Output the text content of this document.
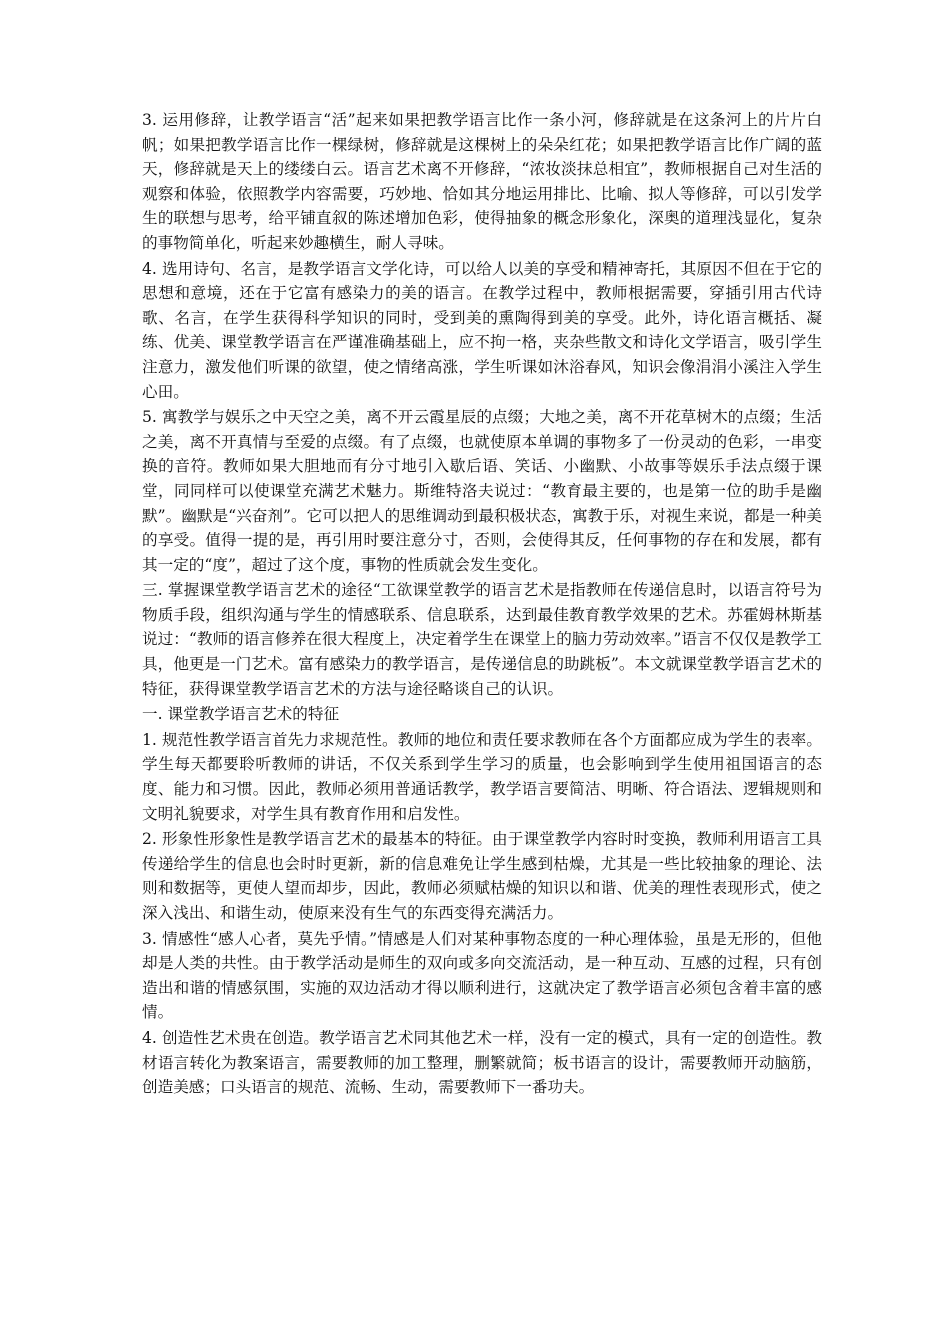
3. 运用修辞，让教学语言“活”起来如果把教学语言比作一条小河，修辞就是在这条河上的片片白帆；如果把教学语言比作一棵绿树，修辞就是这棵树上的朵朵红花；如果把教学语言比作广阔的蓝天，修辞就是天上的缕缕白云。语言艺术离不开修辞，“浓妆淡抹总相宜”，教师根据自己对生活的观察和体验，依照教学内容需要，巧妙地、恰如其分地运用排比、比喻、拟人等修辞，可以引发学生的联想与思考，给平铺直叙的陈述增加色彩，使得抽象的概念形象化，深奥的道理浅显化，复杂的事物简单化，听起来妙趣横生，耐人寻味。

4. 选用诗句、名言，是教学语言文学化诗，可以给人以美的享受和精神寄托，其原因不但在于它的思想和意境，还在于它富有感染力的美的语言。在教学过程中，教师根据需要，穿插引用古代诗歌、名言，在学生获得科学知识的同时，受到美的熏陶得到美的享受。此外，诗化语言概括、凝练、优美、课堂教学语言在严谨准确基础上，应不拘一格，夹杂些散文和诗化文学语言，吸引学生注意力，激发他们听课的欲望，使之情绪高涨，学生听课如沐浴春风，知识会像涓涓小溪注入学生心田。

5. 寓教学与娱乐之中天空之美，离不开云霞星辰的点缀；大地之美，离不开花草树木的点缀；生活之美，离不开真情与至爱的点缀。有了点缀，也就使原本单调的事物多了一份灵动的色彩，一串变换的音符。教师如果大胆地而有分寸地引入歇后语、笑话、小幽默、小故事等娱乐手法点缀于课堂，同同样可以使课堂充满艺术魅力。斯维特洛夫说过：“教育最主要的，也是第一位的助手是幽默”。幽默是“兴奋剂”。它可以把人的思维调动到最积极状态，寓教于乐，对视生来说，都是一种美的享受。值得一提的是，再引用时要注意分寸，否则，会使得其反，任何事物的存在和发展，都有其一定的“度”，超过了这个度，事物的性质就会发生变化。

三. 掌握课堂教学语言艺术的途径“工欲课堂教学的语言艺术是指教师在传递信息时，以语言符号为物质手段，组织沟通与学生的情感联系、信息联系，达到最佳教育教学效果的艺术。苏霍姆林斯基说过：“教师的语言修养在很大程度上，决定着学生在课堂上的脑力劳动效率。”语言不仅仅是教学工具，他更是一门艺术。富有感染力的教学语言，是传递信息的助跳板”。本文就课堂教学语言艺术的特征，获得课堂教学语言艺术的方法与途径略谈自己的认识。

一. 课堂教学语言艺术的特征

1. 规范性教学语言首先力求规范性。教师的地位和责任要求教师在各个方面都应成为学生的表率。学生每天都要聆听教师的讲话，不仅关系到学生学习的质量，也会影响到学生使用祖国语言的态度、能力和习惯。因此，教师必须用普通话教学，教学语言要简洁、明晰、符合语法、逻辑规则和文明礼貌要求，对学生具有教育作用和启发性。

2. 形象性形象性是教学语言艺术的最基本的特征。由于课堂教学内容时时变换，教师利用语言工具传递给学生的信息也会时时更新，新的信息难免让学生感到枯燥，尤其是一些比较抽象的理论、法则和数据等，更使人望而却步，因此，教师必须赋枯燥的知识以和谐、优美的理性表现形式，使之深入浅出、和谐生动，使原来没有生气的东西变得充满活力。

3. 情感性“感人心者，莫先乎情。”情感是人们对某种事物态度的一种心理体验，虽是无形的，但他却是人类的共性。由于教学活动是师生的双向或多向交流活动，是一种互动、互感的过程，只有创造出和谐的情感氛围，实施的双边活动才得以顺利进行，这就决定了教学语言必须包含着丰富的感情。

4. 创造性艺术贵在创造。教学语言艺术同其他艺术一样，没有一定的模式，具有一定的创造性。教材语言转化为教案语言，需要教师的加工整理，删繁就简；板书语言的设计，需要教师开动脑筋，创造美感；口头语言的规范、流畅、生动，需要教师下一番功夫。
